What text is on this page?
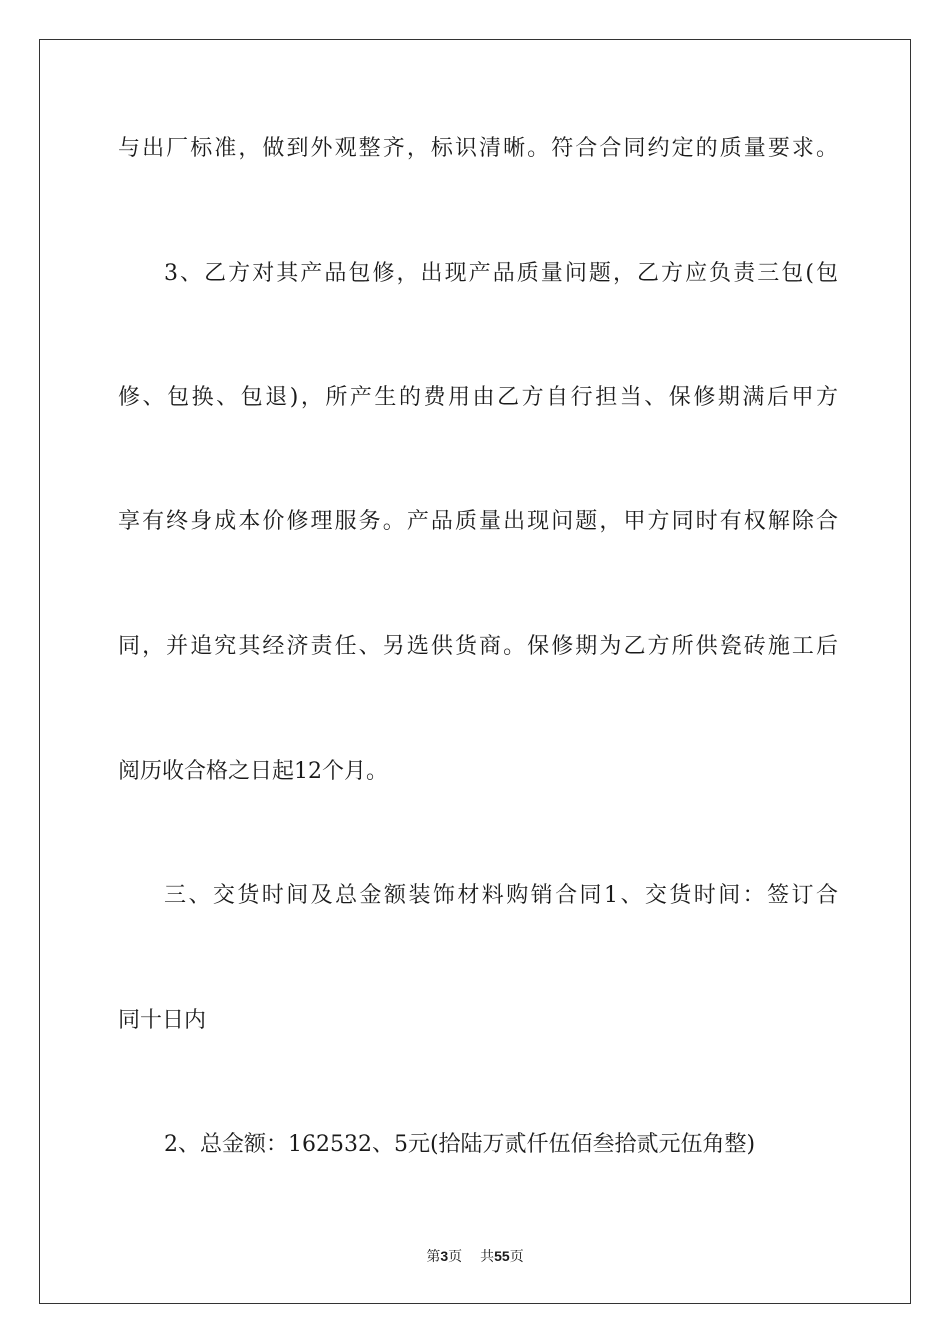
与出厂标准，做到外观整齐，标识清晰。符合合同约定的质量要求。

3、乙方对其产品包修，出现产品质量问题，乙方应负责三包(包

修、包换、包退)，所产生的费用由乙方自行担当、保修期满后甲方

享有终身成本价修理服务。产品质量出现问题，甲方同时有权解除合

同，并追究其经济责任、另选供货商。保修期为乙方所供瓷砖施工后

阅历收合格之日起12个月。

三、交货时间及总金额装饰材料购销合同1、交货时间：签订合

同十日内

2、总金额：162532、5元(拾陆万贰仟伍佰叁拾贰元伍角整)

第3页 共55页
